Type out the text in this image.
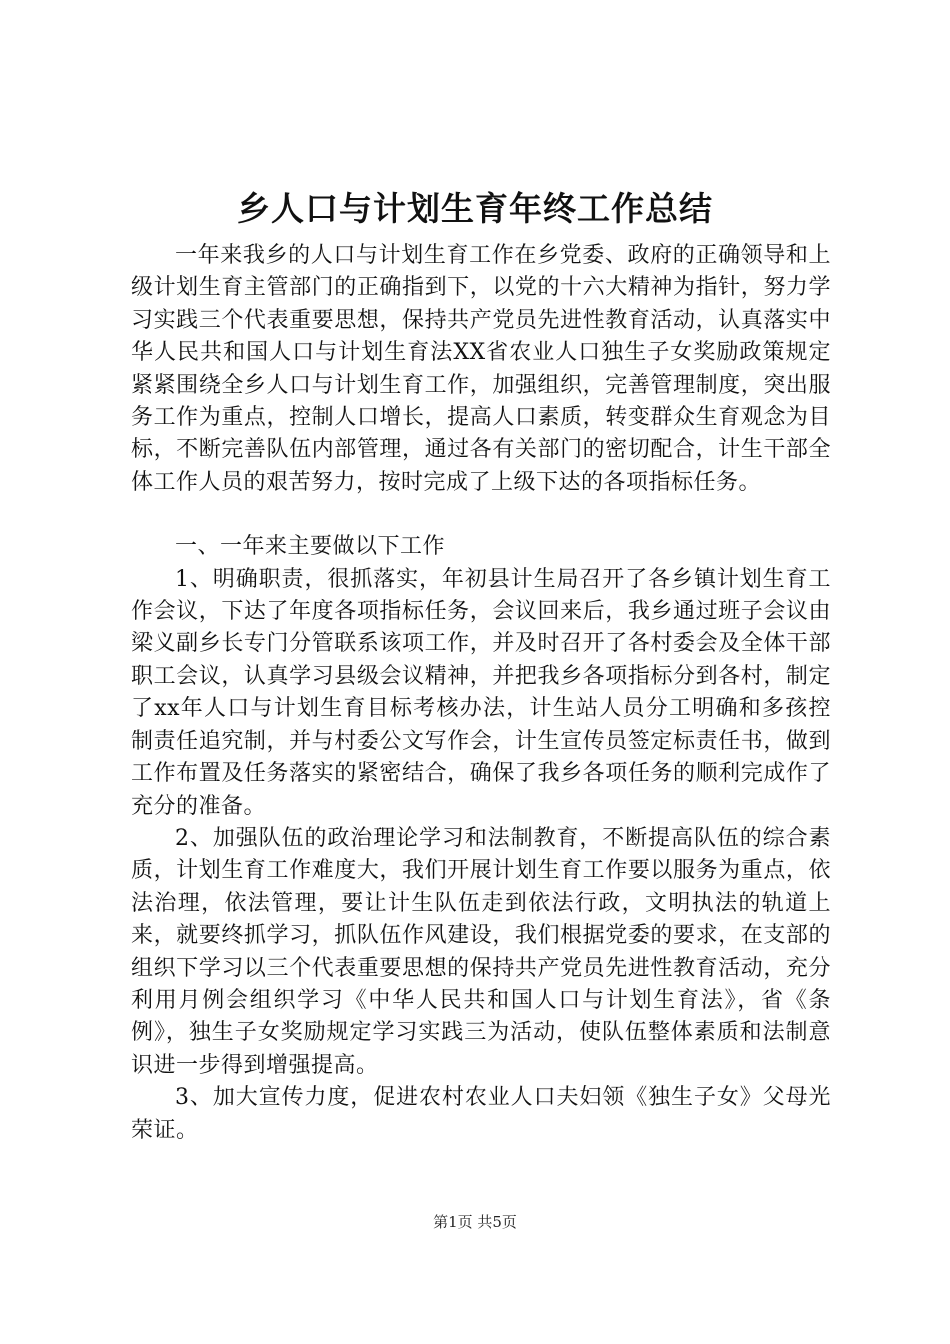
乡人口与计划生育年终工作总结

一年来我乡的人口与计划生育工作在乡党委、政府的正确领导和上级计划生育主管部门的正确指到下，以党的十六大精神为指针，努力学习实践三个代表重要思想，保持共产党员先进性教育活动，认真落实中华人民共和国人口与计划生育法XX省农业人口独生子女奖励政策规定紧紧围绕全乡人口与计划生育工作，加强组织，完善管理制度，突出服务工作为重点，控制人口增长，提高人口素质，转变群众生育观念为目标，不断完善队伍内部管理，通过各有关部门的密切配合，计生干部全体工作人员的艰苦努力，按时完成了上级下达的各项指标任务。

一、一年来主要做以下工作

1、明确职责，很抓落实，年初县计生局召开了各乡镇计划生育工作会议，下达了年度各项指标任务，会议回来后，我乡通过班子会议由梁义副乡长专门分管联系该项工作，并及时召开了各村委会及全体干部职工会议，认真学习县级会议精神，并把我乡各项指标分到各村，制定了xx年人口与计划生育目标考核办法，计生站人员分工明确和多孩控制责任追究制，并与村委公文写作会，计生宣传员签定标责任书，做到工作布置及任务落实的紧密结合，确保了我乡各项任务的顺利完成作了充分的准备。

2、加强队伍的政治理论学习和法制教育，不断提高队伍的综合素质，计划生育工作难度大，我们开展计划生育工作要以服务为重点，依法治理，依法管理，要让计生队伍走到依法行政，文明执法的轨道上来，就要终抓学习，抓队伍作风建设，我们根据党委的要求，在支部的组织下学习以三个代表重要思想的保持共产党员先进性教育活动，充分利用月例会组织学习《中华人民共和国人口与计划生育法》，省《条例》，独生子女奖励规定学习实践三为活动，使队伍整体素质和法制意识进一步得到增强提高。

3、加大宣传力度，促进农村农业人口夫妇领《独生子女》父母光荣证。

第1页 共5页
